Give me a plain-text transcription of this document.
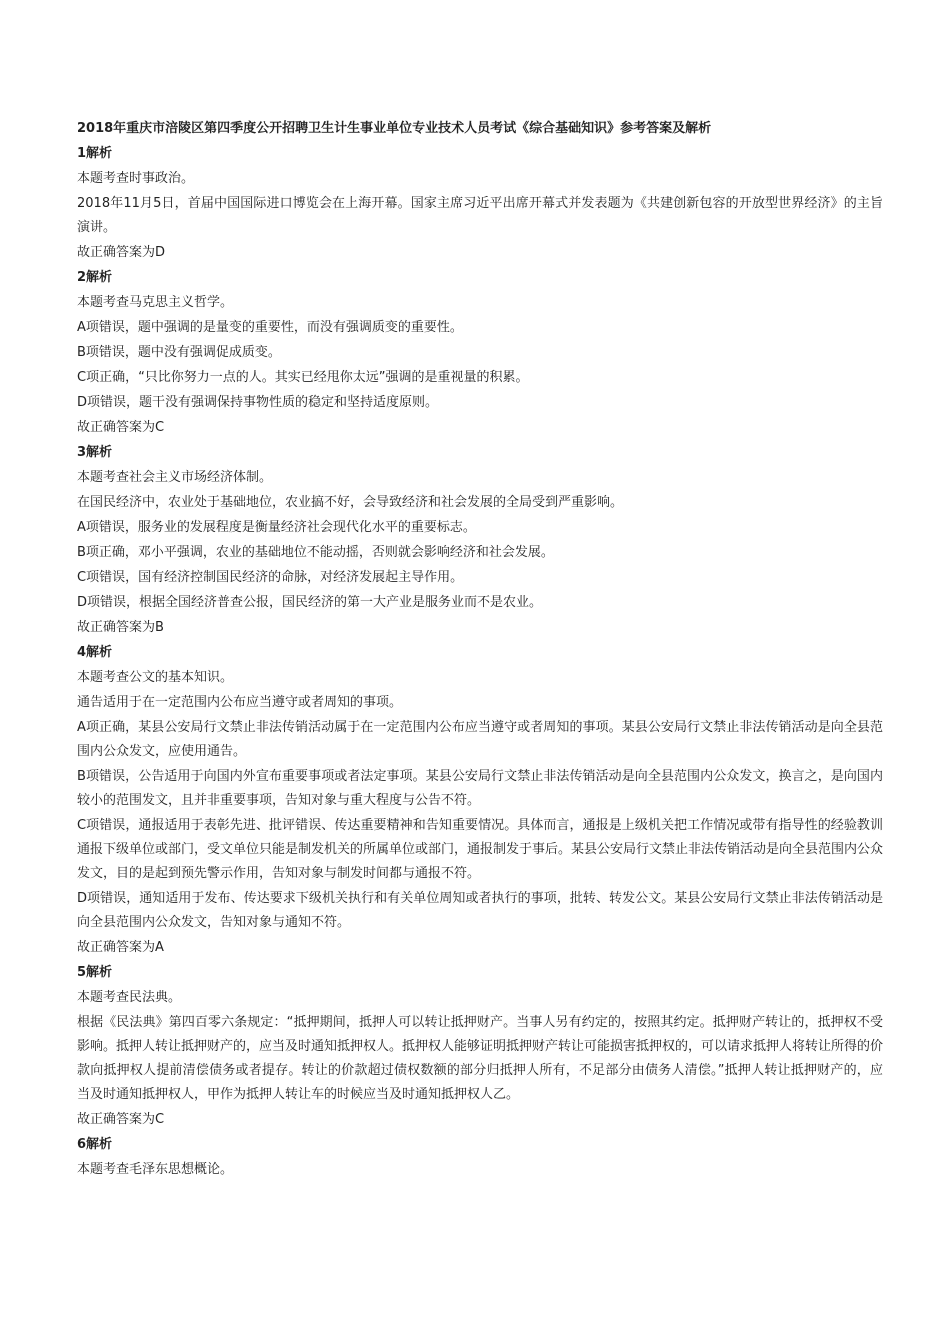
2018年重庆市涪陵区第四季度公开招聘卫生计生事业单位专业技术人员考试《综合基础知识》参考答案及解析
1解析
本题考查时事政治。
2018年11月5日，首届中国国际进口博览会在上海开幕。国家主席习近平出席开幕式并发表题为《共建创新包容的开放型世界经济》的主旨演讲。
故正确答案为D
2解析
本题考查马克思主义哲学。
A项错误，题中强调的是量变的重要性，而没有强调质变的重要性。
B项错误，题中没有强调促成质变。
C项正确，“只比你努力一点的人。其实已经甩你太远”强调的是重视量的积累。
D项错误，题干没有强调保持事物性质的稳定和坚持适度原则。
故正确答案为C
3解析
本题考查社会主义市场经济体制。
在国民经济中，农业处于基础地位，农业搞不好，会导致经济和社会发展的全局受到严重影响。
A项错误，服务业的发展程度是衡量经济社会现代化水平的重要标志。
B项正确，邓小平强调，农业的基础地位不能动摇，否则就会影响经济和社会发展。
C项错误，国有经济控制国民经济的命脉，对经济发展起主导作用。
D项错误，根据全国经济普查公报，国民经济的第一大产业是服务业而不是农业。
故正确答案为B
4解析
本题考查公文的基本知识。
通告适用于在一定范围内公布应当遵守或者周知的事项。
A项正确，某县公安局行文禁止非法传销活动属于在一定范围内公布应当遵守或者周知的事项。某县公安局行文禁止非法传销活动是向全县范围内公众发文，应使用通告。
B项错误，公告适用于向国内外宣布重要事项或者法定事项。某县公安局行文禁止非法传销活动是向全县范围内公众发文，换言之，是向国内较小的范围发文，且并非重要事项，告知对象与重大程度与公告不符。
C项错误，通报适用于表彰先进、批评错误、传达重要精神和告知重要情况。具体而言，通报是上级机关把工作情况或带有指导性的经验教训通报下级单位或部门，受文单位只能是制发机关的所属单位或部门，通报制发于事后。某县公安局行文禁止非法传销活动是向全县范围内公众发文，目的是起到预先警示作用，告知对象与制发时间都与通报不符。
D项错误，通知适用于发布、传达要求下级机关执行和有关单位周知或者执行的事项，批转、转发公文。某县公安局行文禁止非法传销活动是向全县范围内公众发文，告知对象与通知不符。
故正确答案为A
5解析
本题考查民法典。
根据《民法典》第四百零六条规定：“抵押期间，抵押人可以转让抵押财产。当事人另有约定的，按照其约定。抵押财产转让的，抵押权不受影响。抵押人转让抵押财产的，应当及时通知抵押权人。抵押权人能够证明抵押财产转让可能损害抵押权的，可以请求抵押人将转让所得的价款向抵押权人提前清偿债务或者提存。转让的价款超过债权数额的部分归抵押人所有，不足部分由债务人清偿。”抵押人转让抵押财产的，应当及时通知抵押权人，甲作为抵押人转让车的时候应当及时通知抵押权人乙。
故正确答案为C
6解析
本题考查毛泽东思想概论。
